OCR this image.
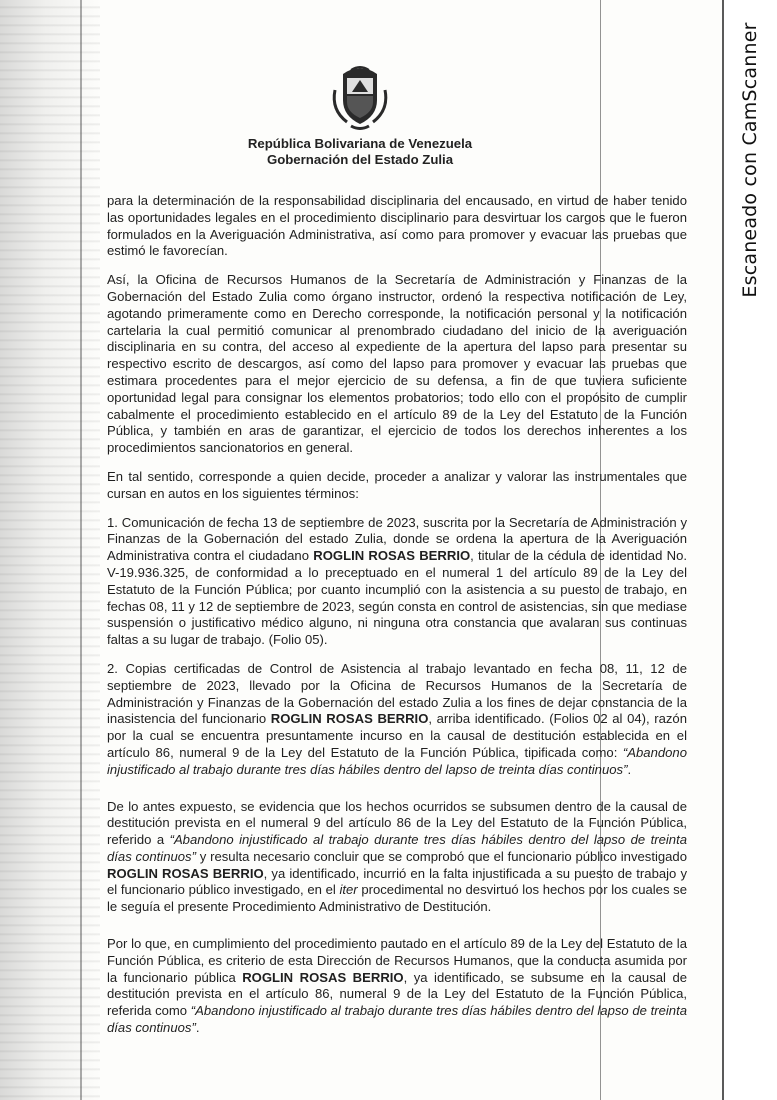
República Bolivariana de Venezuela
Gobernación del Estado Zulia

para la determinación de la responsabilidad disciplinaria del encausado, en virtud de haber tenido las oportunidades legales en el procedimiento disciplinario para desvirtuar los cargos que le fueron formulados en la Averiguación Administrativa, así como para promover y evacuar las pruebas que estimó le favorecían.

Así, la Oficina de Recursos Humanos de la Secretaría de Administración y Finanzas de la Gobernación del Estado Zulia como órgano instructor, ordenó la respectiva notificación de Ley, agotando primeramente como en Derecho corresponde, la notificación personal y la notificación cartelaria la cual permitió comunicar al prenombrado ciudadano del inicio de la averiguación disciplinaria en su contra, del acceso al expediente de la apertura del lapso para presentar su respectivo escrito de descargos, así como del lapso para promover y evacuar las pruebas que estimara procedentes para el mejor ejercicio de su defensa, a fin de que tuviera suficiente oportunidad legal para consignar los elementos probatorios; todo ello con el propósito de cumplir cabalmente el procedimiento establecido en el artículo 89 de la Ley del Estatuto de la Función Pública, y también en aras de garantizar, el ejercicio de todos los derechos inherentes a los procedimientos sancionatorios en general.

En tal sentido, corresponde a quien decide, proceder a analizar y valorar las instrumentales que cursan en autos en los siguientes términos:

1. Comunicación de fecha 13 de septiembre de 2023, suscrita por la Secretaría de Administración y Finanzas de la Gobernación del estado Zulia, donde se ordena la apertura de la Averiguación Administrativa contra el ciudadano ROGLIN ROSAS BERRIO, titular de la cédula de identidad No. V-19.936.325, de conformidad a lo preceptuado en el numeral 1 del artículo 89 de la Ley del Estatuto de la Función Pública; por cuanto incumplió con la asistencia a su puesto de trabajo, en fechas 08, 11 y 12 de septiembre de 2023, según consta en control de asistencias, sin que mediase suspensión o justificativo médico alguno, ni ninguna otra constancia que avalaran sus continuas faltas a su lugar de trabajo. (Folio 05).

2. Copias certificadas de Control de Asistencia al trabajo levantado en fecha 08, 11, 12 de septiembre de 2023, llevado por la Oficina de Recursos Humanos de la Secretaría de Administración y Finanzas de la Gobernación del estado Zulia a los fines de dejar constancia de la inasistencia del funcionario ROGLIN ROSAS BERRIO, arriba identificado. (Folios 02 al 04), razón por la cual se encuentra presuntamente incurso en la causal de destitución establecida en el artículo 86, numeral 9 de la Ley del Estatuto de la Función Pública, tipificada como: “Abandono injustificado al trabajo durante tres días hábiles dentro del lapso de treinta días continuos”.

De lo antes expuesto, se evidencia que los hechos ocurridos se subsumen dentro de la causal de destitución prevista en el numeral 9 del artículo 86 de la Ley del Estatuto de la Función Pública, referido a “Abandono injustificado al trabajo durante tres días hábiles dentro del lapso de treinta días continuos” y resulta necesario concluir que se comprobó que el funcionario público investigado ROGLIN ROSAS BERRIO, ya identificado, incurrió en la falta injustificada a su puesto de trabajo y el funcionario público investigado, en el iter procedimental no desvirtuó los hechos por los cuales se le seguía el presente Procedimiento Administrativo de Destitución.

Por lo que, en cumplimiento del procedimiento pautado en el artículo 89 de la Ley del Estatuto de la Función Pública, es criterio de esta Dirección de Recursos Humanos, que la conducta asumida por la funcionario pública ROGLIN ROSAS BERRIO, ya identificado, se subsume en la causal de destitución prevista en el artículo 86, numeral 9 de la Ley del Estatuto de la Función Pública, referida como “Abandono injustificado al trabajo durante tres días hábiles dentro del lapso de treinta días continuos”.

Escaneado con CamScanner
